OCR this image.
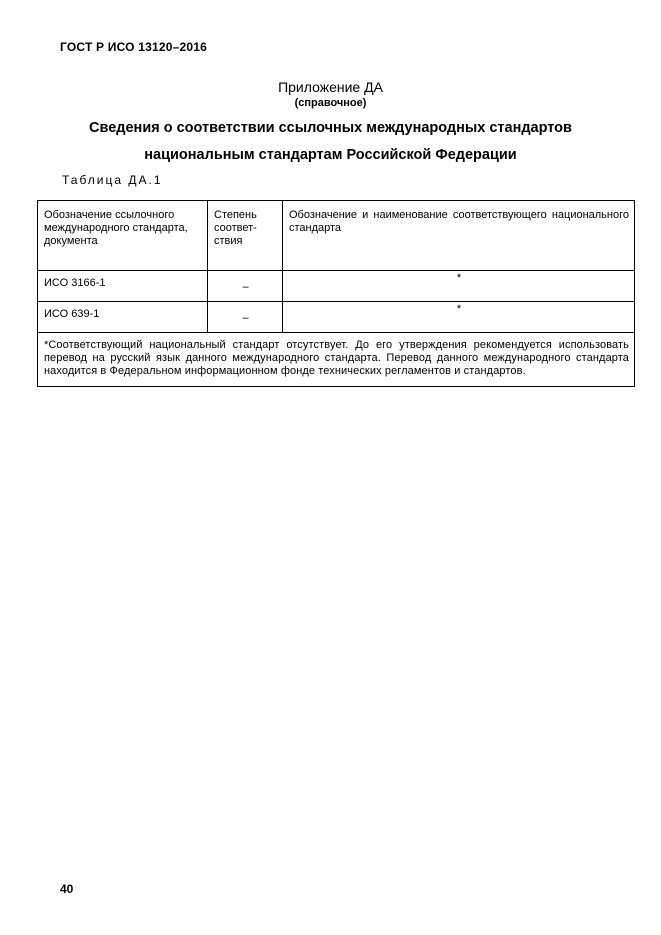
ГОСТ Р ИСО 13120–2016
Приложение ДА
(справочное)
Сведения о соответствии ссылочных международных стандартов
национальным стандартам Российской Федерации
Таблица ДА.1
Обозначение ссылочного международного стандарта, документа	Степень соответ-ствия	Обозначение и наименование соответствующего национального стандарта
ИСО 3166-1	–	*
ИСО 639-1	–	*
*Соответствующий национальный стандарт отсутствует. До его утверждения рекомендуется использовать перевод на русский язык данного международного стандарта. Перевод данного международного стандарта находится в Федеральном информационном фонде технических регламентов и стандартов.		
40
